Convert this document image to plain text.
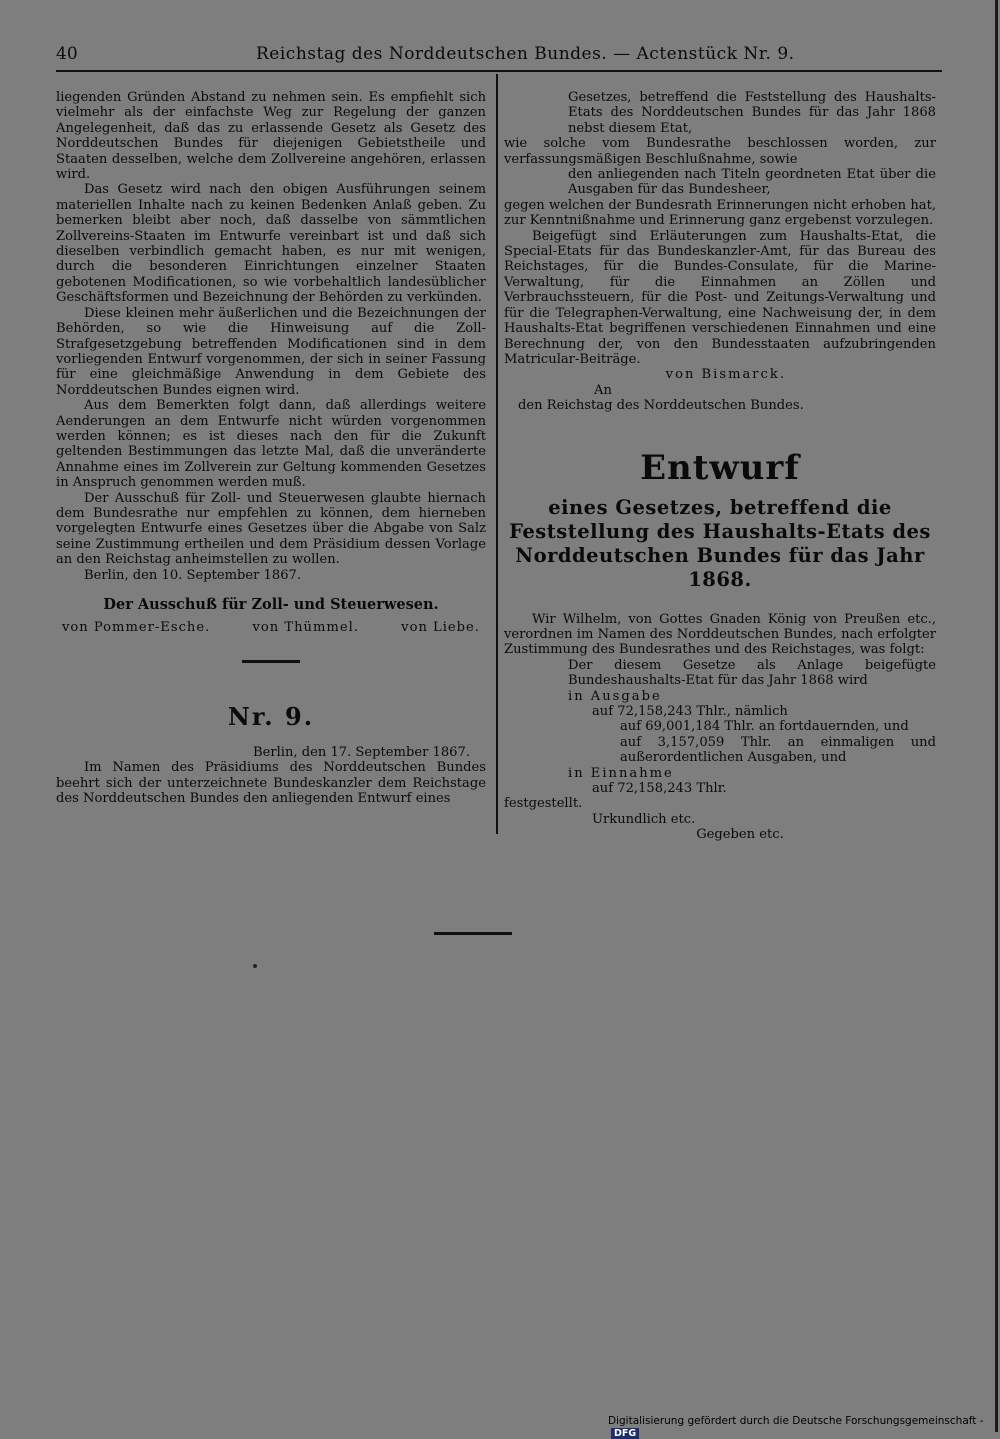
40	Reichstag des Norddeutschen Bundes. — Actenstück Nr. 9.

liegenden Gründen Abstand zu nehmen sein. Es empfiehlt sich vielmehr als der einfachste Weg zur Regelung der ganzen Angelegenheit, daß das zu erlassende Gesetz als Gesetz des Norddeutschen Bundes für diejenigen Gebietstheile und Staaten desselben, welche dem Zollvereine angehören, erlassen wird.

Das Gesetz wird nach den obigen Ausführungen seinem materiellen Inhalte nach zu keinen Bedenken Anlaß geben. Zu bemerken bleibt aber noch, daß dasselbe von sämmtlichen Zollvereins-Staaten im Entwurfe vereinbart ist und daß sich dieselben verbindlich gemacht haben, es nur mit wenigen, durch die besonderen Einrichtungen einzelner Staaten gebotenen Modificationen, so wie vorbehaltlich landesüblicher Geschäftsformen und Bezeichnung der Behörden zu verkünden.

Diese kleinen mehr äußerlichen und die Bezeichnungen der Behörden, so wie die Hinweisung auf die Zoll-Strafgesetzgebung betreffenden Modificationen sind in dem vorliegenden Entwurf vorgenommen, der sich in seiner Fassung für eine gleichmäßige Anwendung in dem Gebiete des Norddeutschen Bundes eignen wird.

Aus dem Bemerkten folgt dann, daß allerdings weitere Aenderungen an dem Entwurfe nicht würden vorgenommen werden können; es ist dieses nach den für die Zukunft geltenden Bestimmungen das letzte Mal, daß die unveränderte Annahme eines im Zollverein zur Geltung kommenden Gesetzes in Anspruch genommen werden muß.

Der Ausschuß für Zoll- und Steuerwesen glaubte hiernach dem Bundesrathe nur empfehlen zu können, dem hierneben vorgelegten Entwurfe eines Gesetzes über die Abgabe von Salz seine Zustimmung ertheilen und dem Präsidium dessen Vorlage an den Reichstag anheimstellen zu wollen.

Berlin, den 10. September 1867.

Der Ausschuß für Zoll- und Steuerwesen.

von Pommer-Esche.	von Thümmel.	von Liebe.

Nr. 9.

Berlin, den 17. September 1867.

Im Namen des Präsidiums des Norddeutschen Bundes beehrt sich der unterzeichnete Bundeskanzler dem Reichstage des Norddeutschen Bundes den anliegenden Entwurf eines

Gesetzes, betreffend die Feststellung des Haushalts-Etats des Norddeutschen Bundes für das Jahr 1868 nebst diesem Etat,

wie solche vom Bundesrathe beschlossen worden, zur verfassungsmäßigen Beschlußnahme, sowie

den anliegenden nach Titeln geordneten Etat über die Ausgaben für das Bundesheer,

gegen welchen der Bundesrath Erinnerungen nicht erhoben hat, zur Kenntnißnahme und Erinnerung ganz ergebenst vorzulegen.

Beigefügt sind Erläuterungen zum Haushalts-Etat, die Special-Etats für das Bundeskanzler-Amt, für das Bureau des Reichstages, für die Bundes-Consulate, für die Marine-Verwaltung, für die Einnahmen an Zöllen und Verbrauchssteuern, für die Post- und Zeitungs-Verwaltung und für die Telegraphen-Verwaltung, eine Nachweisung der, in dem Haushalts-Etat begriffenen verschiedenen Einnahmen und eine Berechnung der, von den Bundesstaaten aufzubringenden Matricular-Beiträge.

von Bismarck.

An

den Reichstag des Norddeutschen Bundes.

Entwurf

eines Gesetzes, betreffend die Feststellung des Haushalts-Etats des Norddeutschen Bundes für das Jahr 1868.

Wir Wilhelm, von Gottes Gnaden König von Preußen etc., verordnen im Namen des Norddeutschen Bundes, nach erfolgter Zustimmung des Bundesrathes und des Reichstages, was folgt:

Der diesem Gesetze als Anlage beigefügte Bundeshaushalts-Etat für das Jahr 1868 wird

in Ausgabe

auf 72,158,243 Thlr., nämlich

auf 69,001,184 Thlr. an fortdauernden, und

auf 3,157,059 Thlr. an einmaligen und außerordentlichen Ausgaben, und

in Einnahme

auf 72,158,243 Thlr.

festgestellt.

Urkundlich etc.

Gegeben etc.

Digitalisierung gefördert durch die Deutsche Forschungsgemeinschaft -DFG
